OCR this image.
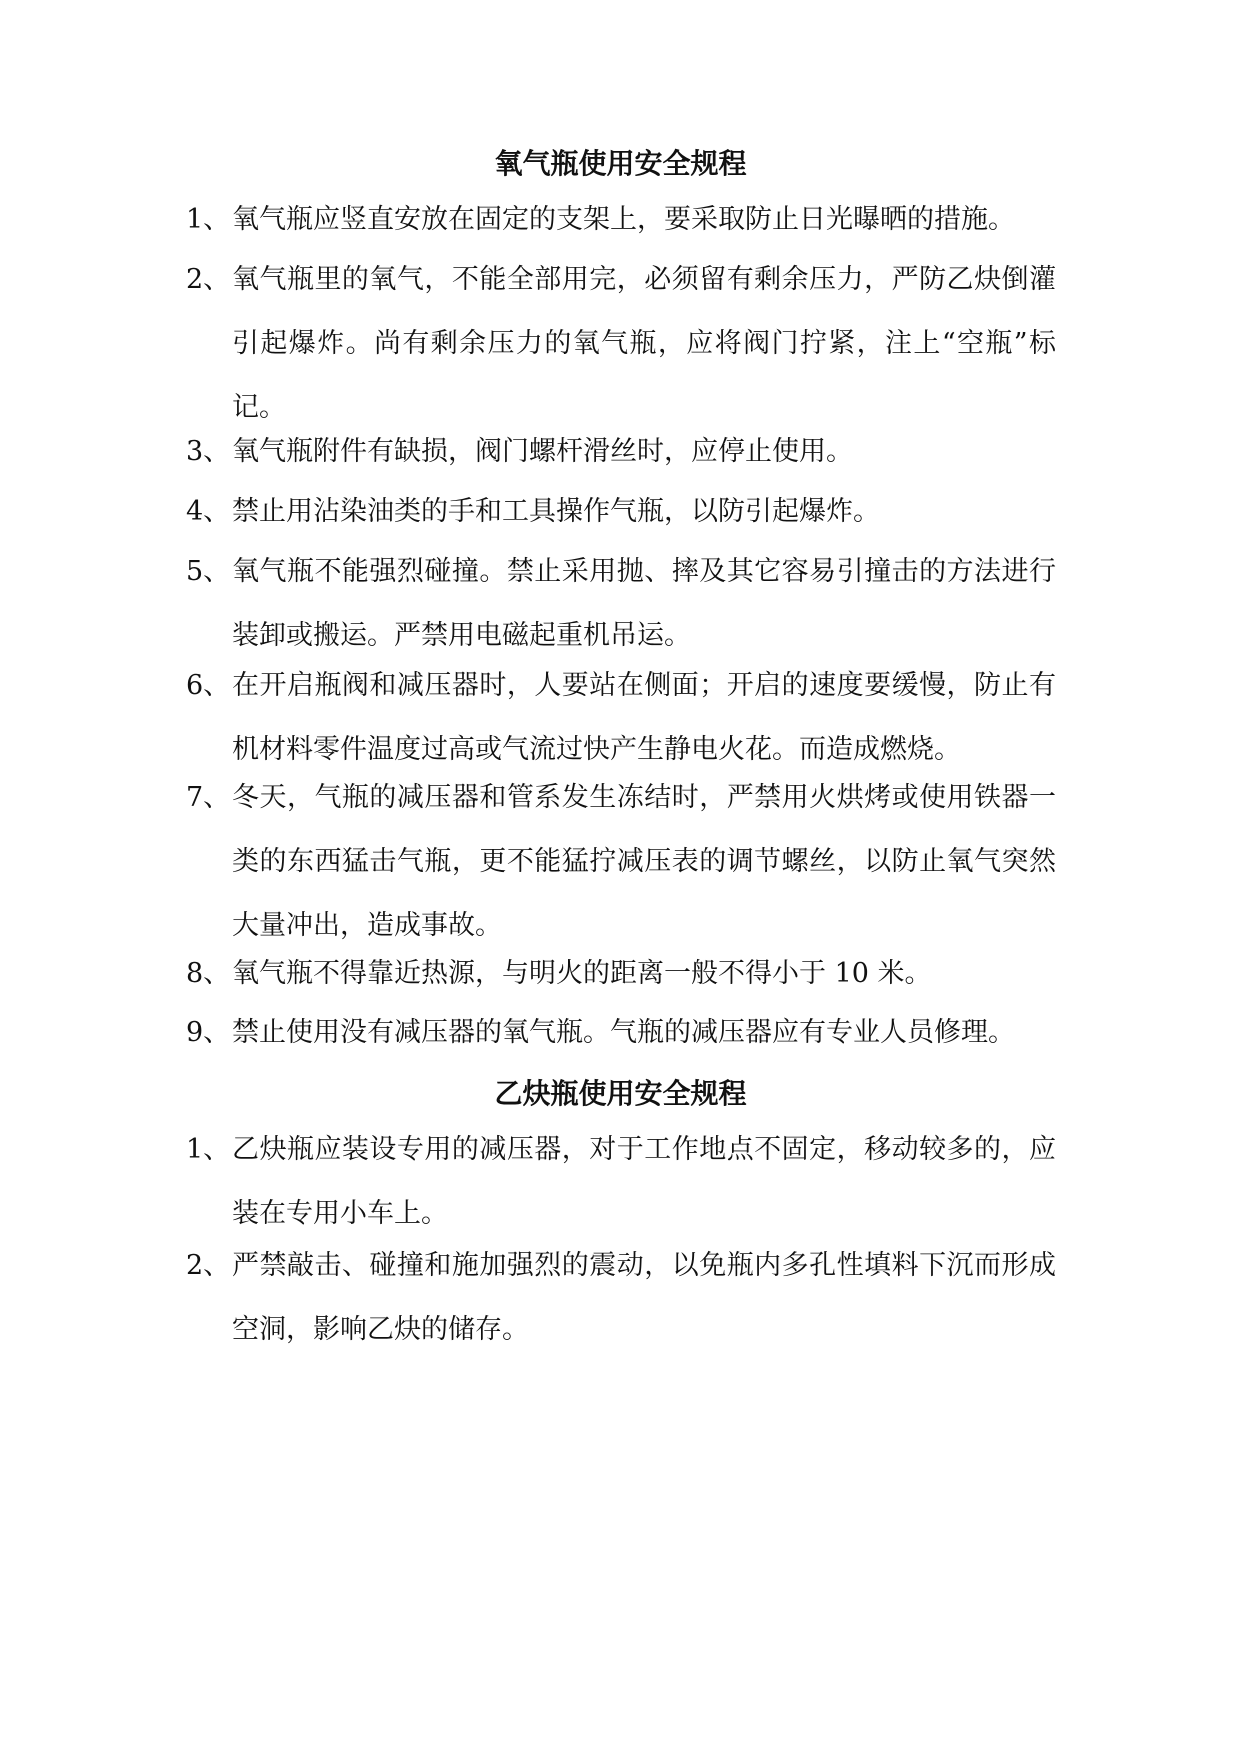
氧气瓶使用安全规程
1、 氧气瓶应竖直安放在固定的支架上，要采取防止日光曝晒的措施。
2、 氧气瓶里的氧气，不能全部用完，必须留有剩余压力，严防乙炔倒灌引起爆炸。尚有剩余压力的氧气瓶，应将阀门拧紧，注上“空瓶”标记。
3、 氧气瓶附件有缺损，阀门螺杆滑丝时，应停止使用。
4、 禁止用沾染油类的手和工具操作气瓶，以防引起爆炸。
5、 氧气瓶不能强烈碰撞。禁止采用抛、摔及其它容易引撞击的方法进行装卸或搬运。严禁用电磁起重机吊运。
6、 在开启瓶阀和减压器时，人要站在侧面；开启的速度要缓慢，防止有机材料零件温度过高或气流过快产生静电火花。而造成燃烧。
7、 冬天，气瓶的减压器和管系发生冻结时，严禁用火烘烤或使用铁器一类的东西猛击气瓶，更不能猛拧减压表的调节螺丝，以防止氧气突然大量冲出，造成事故。
8、 氧气瓶不得靠近热源，与明火的距离一般不得小于 10 米。
9、 禁止使用没有减压器的氧气瓶。气瓶的减压器应有专业人员修理。
乙炔瓶使用安全规程
1、 乙炔瓶应装设专用的减压器，对于工作地点不固定，移动较多的，应装在专用小车上。
2、 严禁敲击、碰撞和施加强烈的震动，以免瓶内多孔性填料下沉而形成空洞，影响乙炔的储存。
